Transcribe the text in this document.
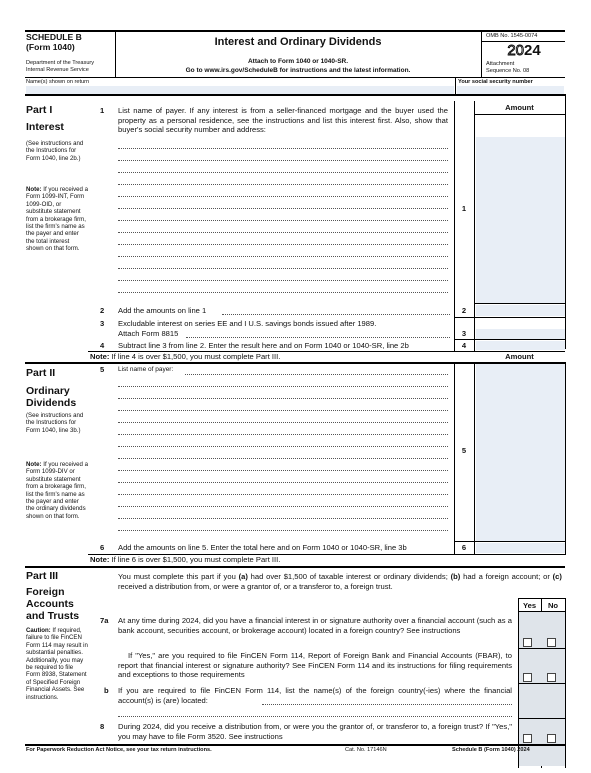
SCHEDULE B
(Form 1040)
Department of the Treasury
Internal Revenue Service
Interest and Ordinary Dividends
Attach to Form 1040 or 1040-SR.
Go to www.irs.gov/ScheduleB for instructions and the latest information.
OMB No. 1545-0074
2024
Attachment
Sequence No. 08
Name(s) shown on return	Your social security number
Part I
Interest
(See instructions and the Instructions for Form 1040, line 2b.)
Note: If you received a Form 1099-INT, Form 1099-OID, or substitute statement from a brokerage firm, list the firm's name as the payer and enter the total interest shown on that form.
1 List name of payer. If any interest is from a seller-financed mortgage and the buyer used the property as a personal residence, see the instructions and list this interest first. Also, show that buyer's social security number and address:
Amount
1
2 Add the amounts on line 1	2
3 Excludable interest on series EE and I U.S. savings bonds issued after 1989.
Attach Form 8815	3
4 Subtract line 3 from line 2. Enter the result here and on Form 1040 or 1040-SR, line 2b	4
Note: If line 4 is over $1,500, you must complete Part III.	Amount
Part II
Ordinary
Dividends
(See instructions and the Instructions for Form 1040, line 3b.)
Note: If you received a Form 1099-DIV or substitute statement from a brokerage firm, list the firm's name as the payer and enter the ordinary dividends shown on that form.
5 List name of payer:
5
6 Add the amounts on line 5. Enter the total here and on Form 1040 or 1040-SR, line 3b	6
Note: If line 6 is over $1,500, you must complete Part III.
Part III
Foreign
Accounts
and Trusts
Caution: If required, failure to file FinCEN Form 114 may result in substantial penalties. Additionally, you may be required to file Form 8938, Statement of Specified Foreign Financial Assets. See instructions.
You must complete this part if you (a) had over $1,500 of taxable interest or ordinary dividends; (b) had a foreign account; or (c) received a distribution from, or were a grantor of, or a transferor to, a foreign trust.
Yes	No
7a At any time during 2024, did you have a financial interest in or signature authority over a financial account (such as a bank account, securities account, or brokerage account) located in a foreign country? See instructions
If "Yes," are you required to file FinCEN Form 114, Report of Foreign Bank and Financial Accounts (FBAR), to report that financial interest or signature authority? See FinCEN Form 114 and its instructions for filing requirements and exceptions to those requirements
b If you are required to file FinCEN Form 114, list the name(s) of the foreign country(-ies) where the financial account(s) is (are) located:
8 During 2024, did you receive a distribution from, or were you the grantor of, or transferor to, a foreign trust? If "Yes," you may have to file Form 3520. See instructions
For Paperwork Reduction Act Notice, see your tax return instructions.	Cat. No. 17146N	Schedule B (Form 1040) 2024
